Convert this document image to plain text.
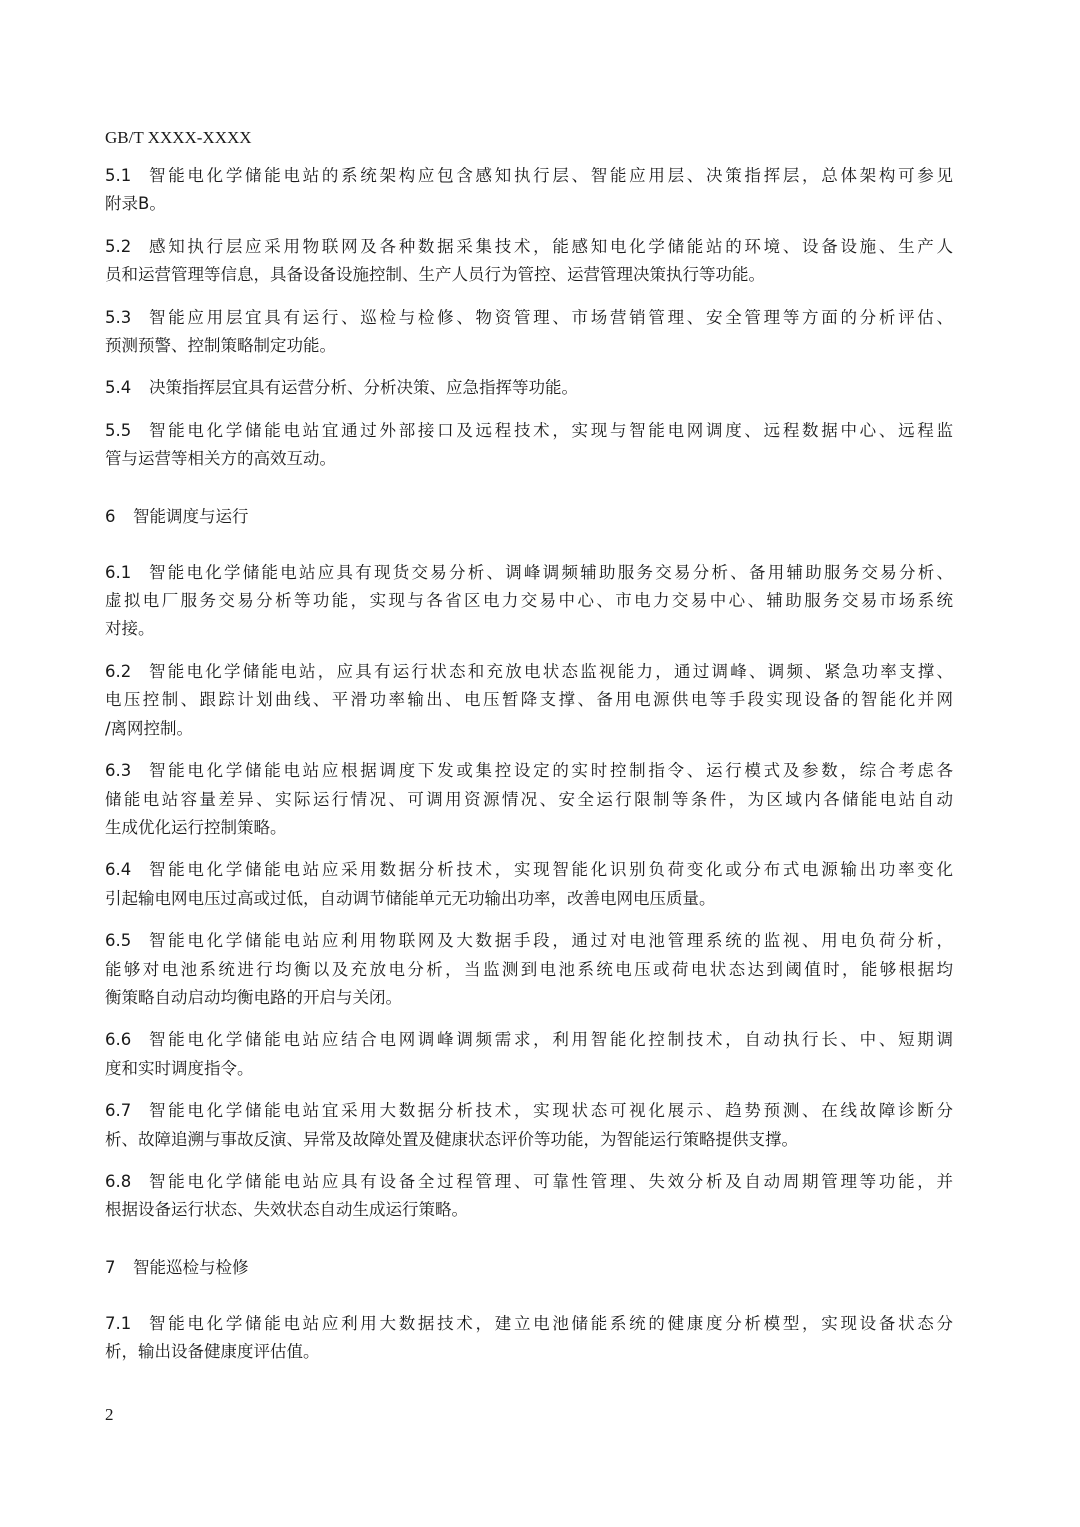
GB/T XXXX-XXXX
5.1	智能电化学储能电站的系统架构应包含感知执行层、智能应用层、决策指挥层，总体架构可参见
附录B。
5.2	感知执行层应采用物联网及各种数据采集技术，能感知电化学储能站的环境、设备设施、生产人
员和运营管理等信息，具备设备设施控制、生产人员行为管控、运营管理决策执行等功能。
5.3	智能应用层宜具有运行、巡检与检修、物资管理、市场营销管理、安全管理等方面的分析评估、
预测预警、控制策略制定功能。
5.4	决策指挥层宜具有运营分析、分析决策、应急指挥等功能。
5.5	智能电化学储能电站宜通过外部接口及远程技术，实现与智能电网调度、远程数据中心、远程监
管与运营等相关方的高效互动。
6 智能调度与运行
6.1	智能电化学储能电站应具有现货交易分析、调峰调频辅助服务交易分析、备用辅助服务交易分析、
虚拟电厂服务交易分析等功能，实现与各省区电力交易中心、市电力交易中心、辅助服务交易市场系统
对接。
6.2	智能电化学储能电站，应具有运行状态和充放电状态监视能力，通过调峰、调频、紧急功率支撑、
电压控制、跟踪计划曲线、平滑功率输出、电压暂降支撑、备用电源供电等手段实现设备的智能化并网
/离网控制。
6.3	智能电化学储能电站应根据调度下发或集控设定的实时控制指令、运行模式及参数，综合考虑各
储能电站容量差异、实际运行情况、可调用资源情况、安全运行限制等条件，为区域内各储能电站自动
生成优化运行控制策略。
6.4	智能电化学储能电站应采用数据分析技术，实现智能化识别负荷变化或分布式电源输出功率变化
引起输电网电压过高或过低，自动调节储能单元无功输出功率，改善电网电压质量。
6.5	智能电化学储能电站应利用物联网及大数据手段，通过对电池管理系统的监视、用电负荷分析，
能够对电池系统进行均衡以及充放电分析，当监测到电池系统电压或荷电状态达到阈值时，能够根据均
衡策略自动启动均衡电路的开启与关闭。
6.6	智能电化学储能电站应结合电网调峰调频需求，利用智能化控制技术，自动执行长、中、短期调
度和实时调度指令。
6.7	智能电化学储能电站宜采用大数据分析技术，实现状态可视化展示、趋势预测、在线故障诊断分
析、故障追溯与事故反演、异常及故障处置及健康状态评价等功能，为智能运行策略提供支撑。
6.8	智能电化学储能电站应具有设备全过程管理、可靠性管理、失效分析及自动周期管理等功能，并
根据设备运行状态、失效状态自动生成运行策略。
7 智能巡检与检修
7.1	智能电化学储能电站应利用大数据技术，建立电池储能系统的健康度分析模型，实现设备状态分
析，输出设备健康度评估值。
2
